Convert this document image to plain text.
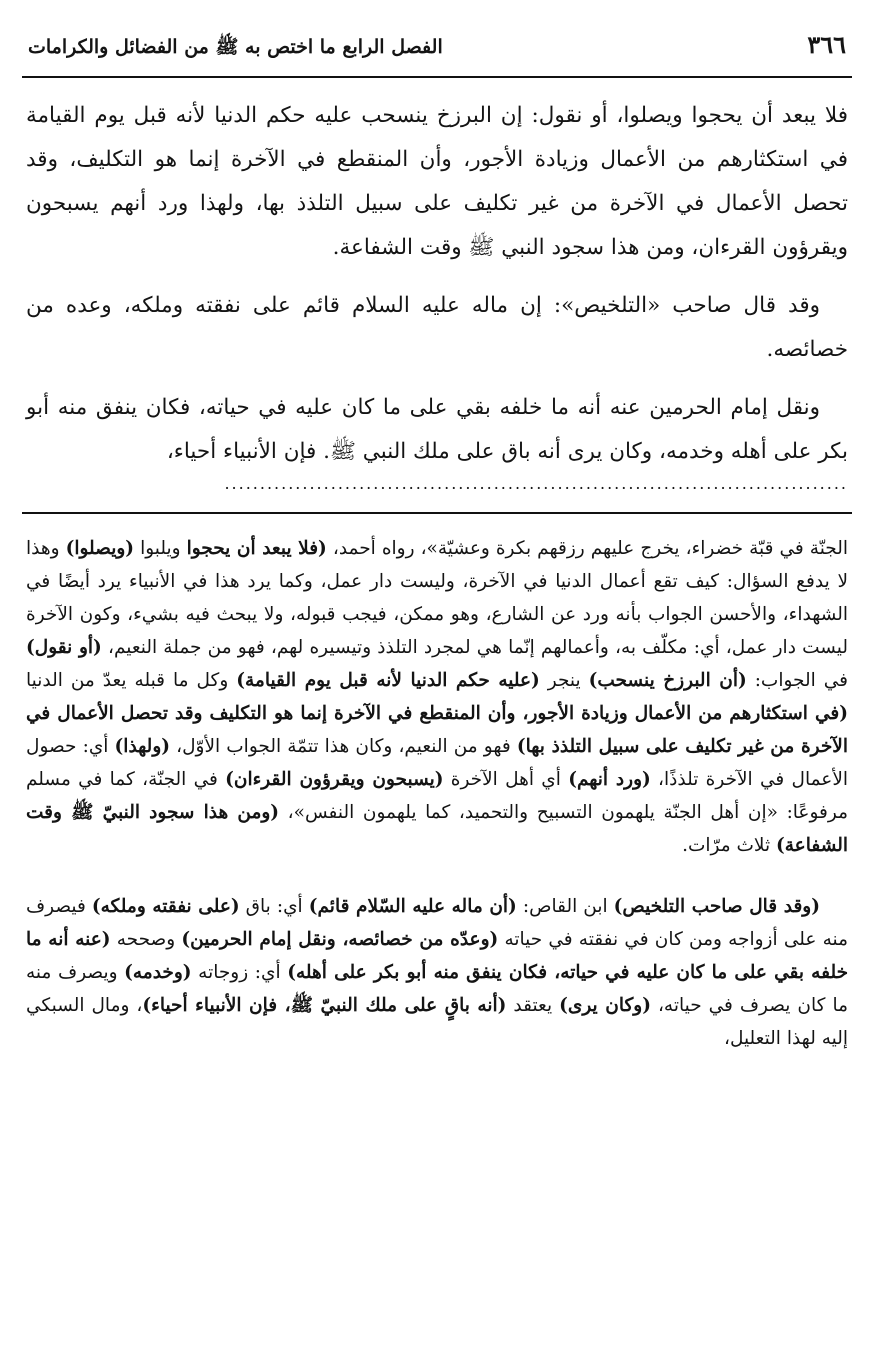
٣٦٦
الفصل الرابع ما اختص به ﷺ من الفضائل والكرامات

فلا يبعد أن يحجوا ويصلوا، أو نقول: إن البرزخ ينسحب عليه حكم الدنيا لأنه قبل يوم القيامة في استكثارهم من الأعمال وزيادة الأجور، وأن المنقطع في الآخرة إنما هو التكليف، وقد تحصل الأعمال في الآخرة من غير تكليف على سبيل التلذذ بها، ولهذا ورد أنهم يسبحون ويقرؤون القرءان، ومن هذا سجود النبي ﷺ وقت الشفاعة.

وقد قال صاحب «التلخيص»: إن ماله عليه السلام قائم على نفقته وملكه، وعده من خصائصه.

ونقل إمام الحرمين عنه أنه ما خلفه بقي على ما كان عليه في حياته، فكان ينفق منه أبو بكر على أهله وخدمه، وكان يرى أنه باق على ملك النبي ﷺ. فإن الأنبياء أحياء،

........................................................................................

الجنّة في قبّة خضراء، يخرج عليهم رزقهم بكرة وعشيّة»، رواه أحمد، (فلا يبعد أن يحجوا ويلبوا (ويصلوا) وهذا لا يدفع السؤال: كيف تقع أعمال الدنيا في الآخرة، وليست دار عمل، وكما يرد هذا في الأنبياء يرد أيضًا في الشهداء، والأحسن الجواب بأنه ورد عن الشارع، وهو ممكن، فيجب قبوله، ولا يبحث فيه بشيء، وكون الآخرة ليست دار عمل، أي: مكلّف به، وأعمالهم إنّما هي لمجرد التلذذ وتيسيره لهم، فهو من جملة النعيم، (أو نقول) في الجواب: (أن البرزخ ينسحب) ينجر (عليه حكم الدنيا لأنه قبل يوم القيامة) وكل ما قبله يعدّ من الدنيا (في استكثارهم من الأعمال وزيادة الأجور، وأن المنقطع في الآخرة إنما هو التكليف وقد تحصل الأعمال في الآخرة من غير تكليف على سبيل التلذذ بها) فهو من النعيم، وكان هذا تتمّة الجواب الأوّل، (ولهذا) أي: حصول الأعمال في الآخرة تلذذًا، (ورد أنهم) أي أهل الآخرة (يسبحون ويقرؤون القرءان) في الجنّة، كما في مسلم مرفوعًا: «إن أهل الجنّة يلهمون التسبيح والتحميد، كما يلهمون النفس»، (ومن هذا سجود النبيّ ﷺ وقت الشفاعة) ثلاث مرّات.

(وقد قال صاحب التلخيص) ابن القاص: (أن ماله عليه السّلام قائم) أي: باق (على نفقته وملكه) فيصرف منه على أزواجه ومن كان في نفقته في حياته (وعدّه من خصائصه، ونقل إمام الحرمين) وصححه (عنه أنه ما خلفه بقي على ما كان عليه في حياته، فكان ينفق منه أبو بكر على أهله) أي: زوجاته (وخدمه) ويصرف منه ما كان يصرف في حياته، (وكان يرى) يعتقد (أنه باقٍ على ملك النبيّ ﷺ، فإن الأنبياء أحياء)، ومال السبكي إليه لهذا التعليل،
